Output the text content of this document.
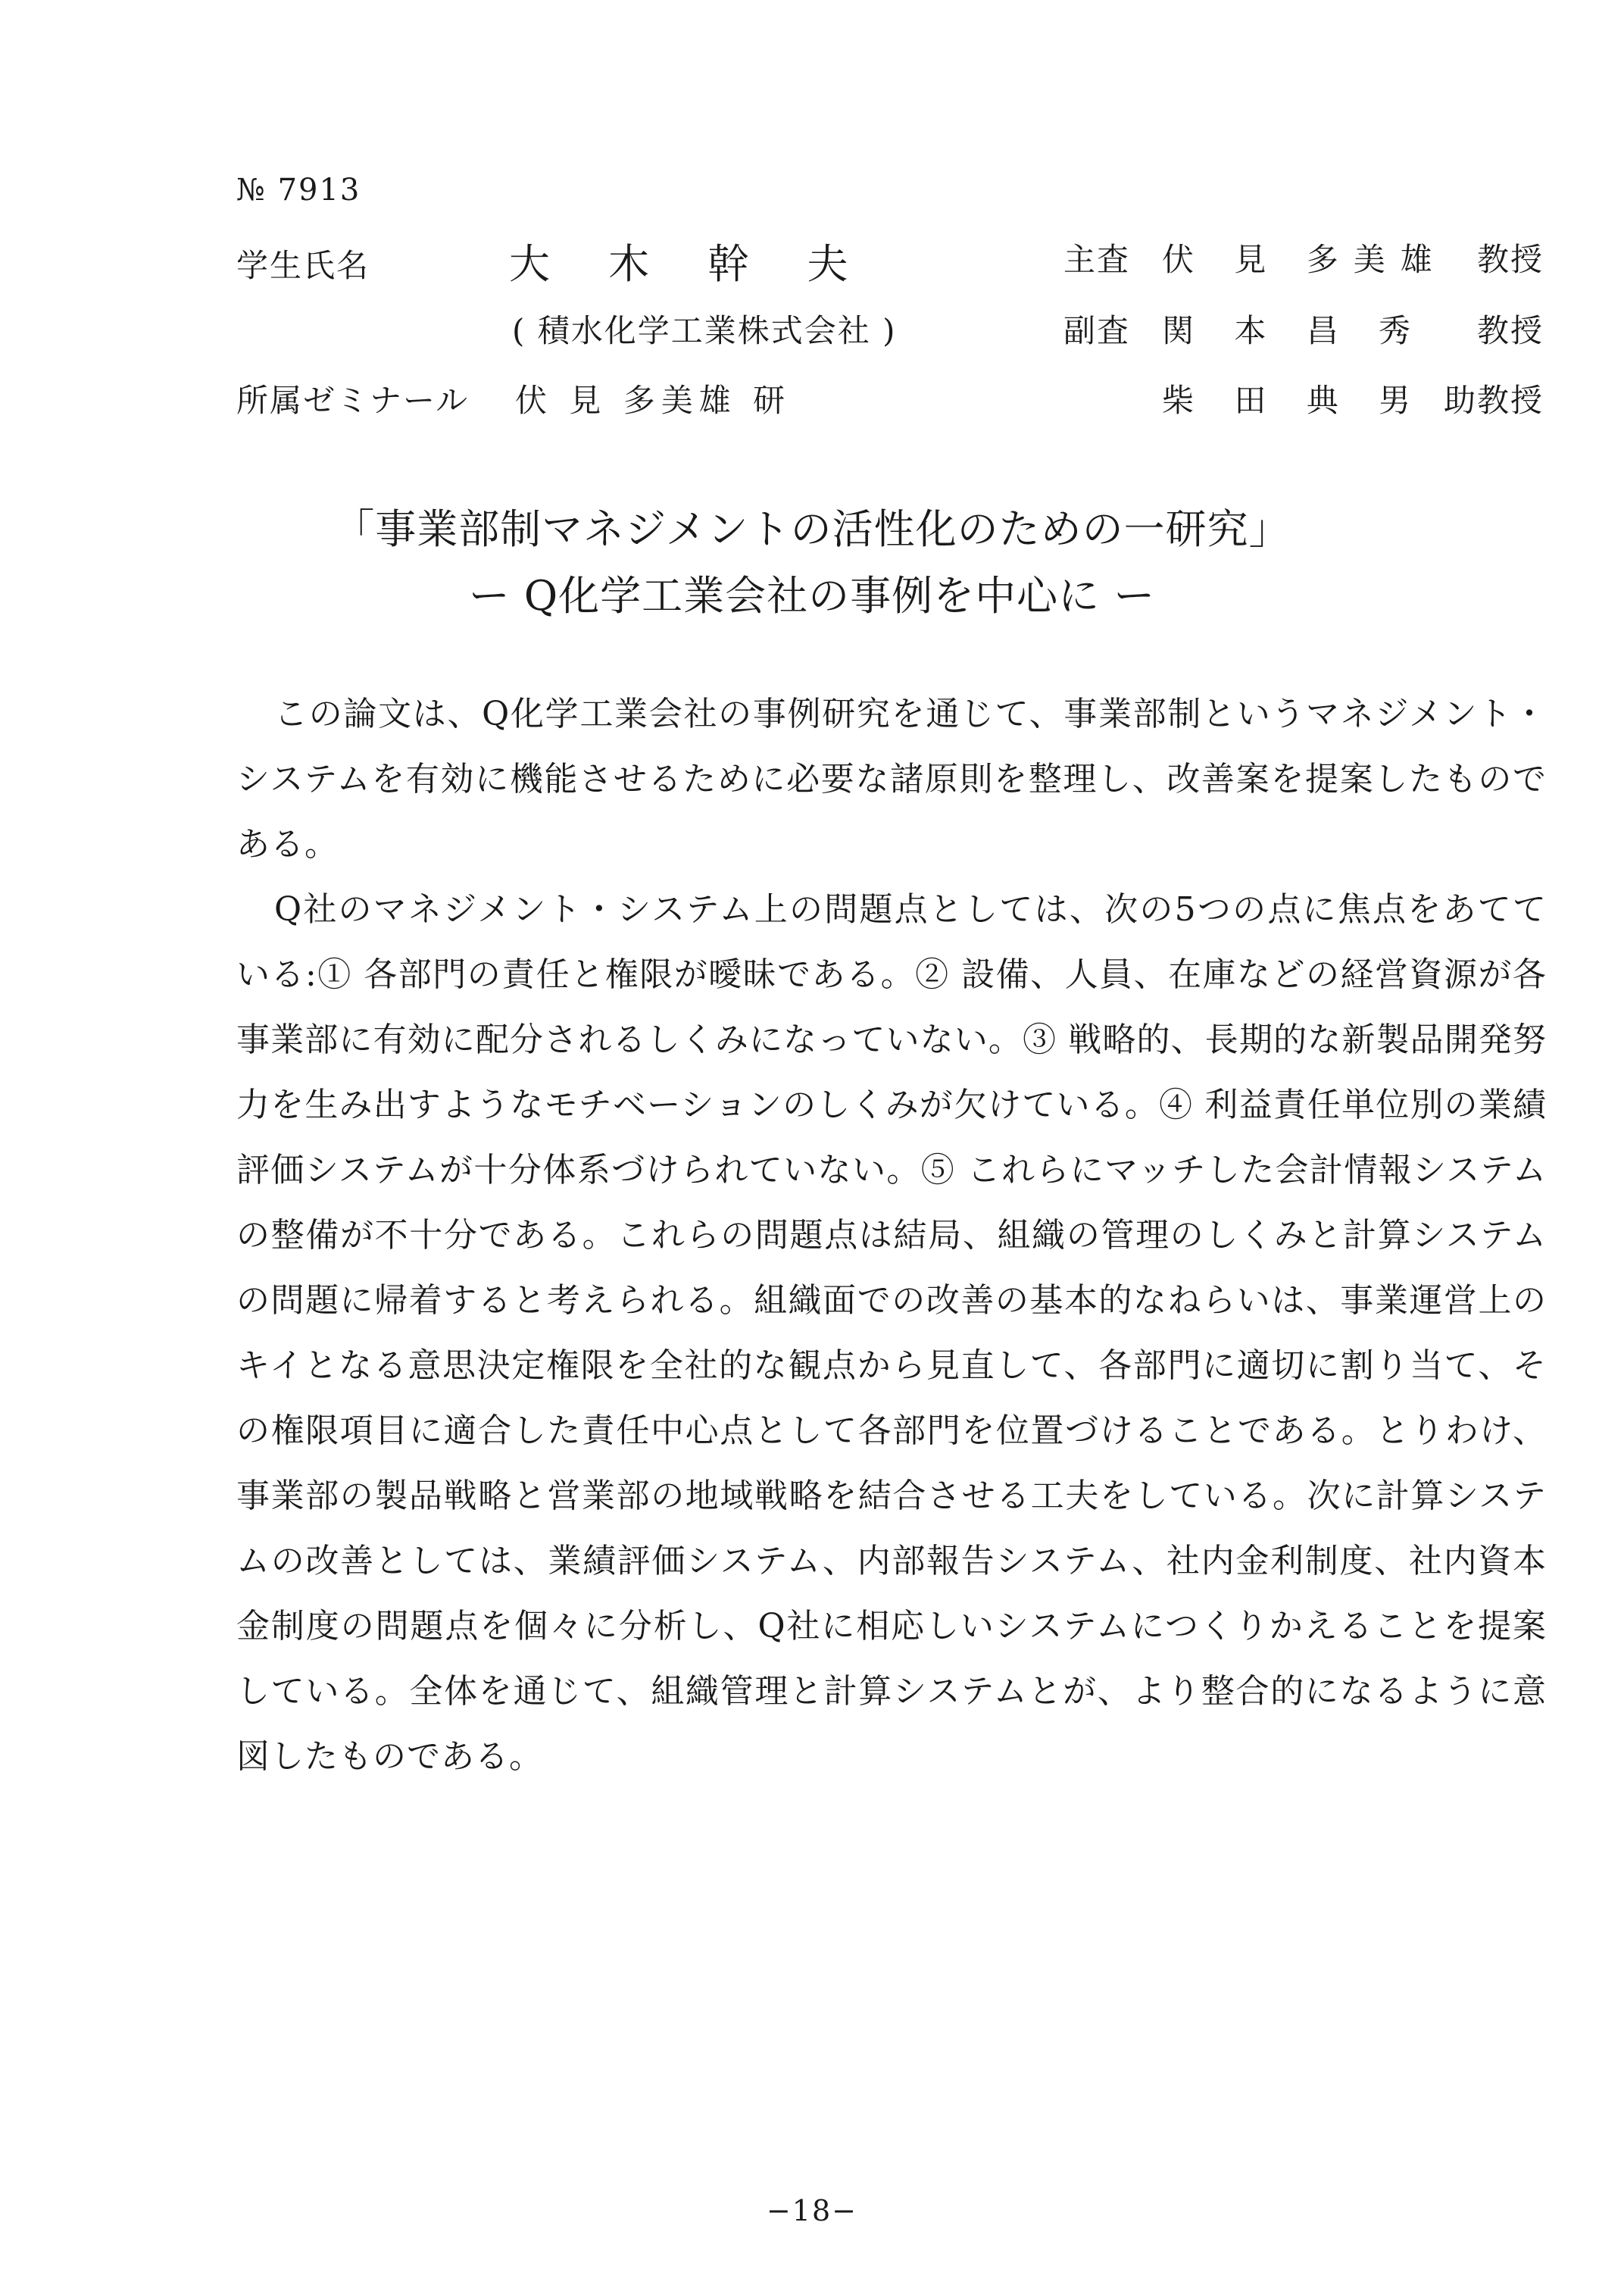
№ 7913
学生氏名	大 木 幹 夫
( 積水化学工業株式会社 )
所属ゼミナール 伏 見 多美雄 研
主査 伏 見 多美雄 教授
副査 関 本 昌 秀	教授
柴 田 典 男 助教授
「事業部制マネジメントの活性化のための一研究」
ー Q化学工業会社の事例を中心に ー

この論文は、Q化学工業会社の事例研究を通じて、事業部制というマネジメント・システムを有効に機能させるために必要な諸原則を整理し、改善案を提案したものである。

Q社のマネジメント・システム上の問題点としては、次の5つの点に焦点をあてている:① 各部門の責任と権限が曖昧である。② 設備、人員、在庫などの経営資源が各事業部に有効に配分されるしくみになっていない。③ 戦略的、長期的な新製品開発努力を生み出すようなモチベーションのしくみが欠けている。④ 利益責任単位別の業績評価システムが十分体系づけられていない。⑤ これらにマッチした会計情報システムの整備が不十分である。これらの問題点は結局、組織の管理のしくみと計算システムの問題に帰着すると考えられる。組織面での改善の基本的なねらいは、事業運営上のキイとなる意思決定権限を全社的な観点から見直して、各部門に適切に割り当て、その権限項目に適合した責任中心点として各部門を位置づけることである。とりわけ、事業部の製品戦略と営業部の地域戦略を結合させる工夫をしている。次に計算システムの改善としては、業績評価システム、内部報告システム、社内金利制度、社内資本金制度の問題点を個々に分析し、Q社に相応しいシステムにつくりかえることを提案している。全体を通じて、組織管理と計算システムとが、より整合的になるように意図したものである。

−18−
